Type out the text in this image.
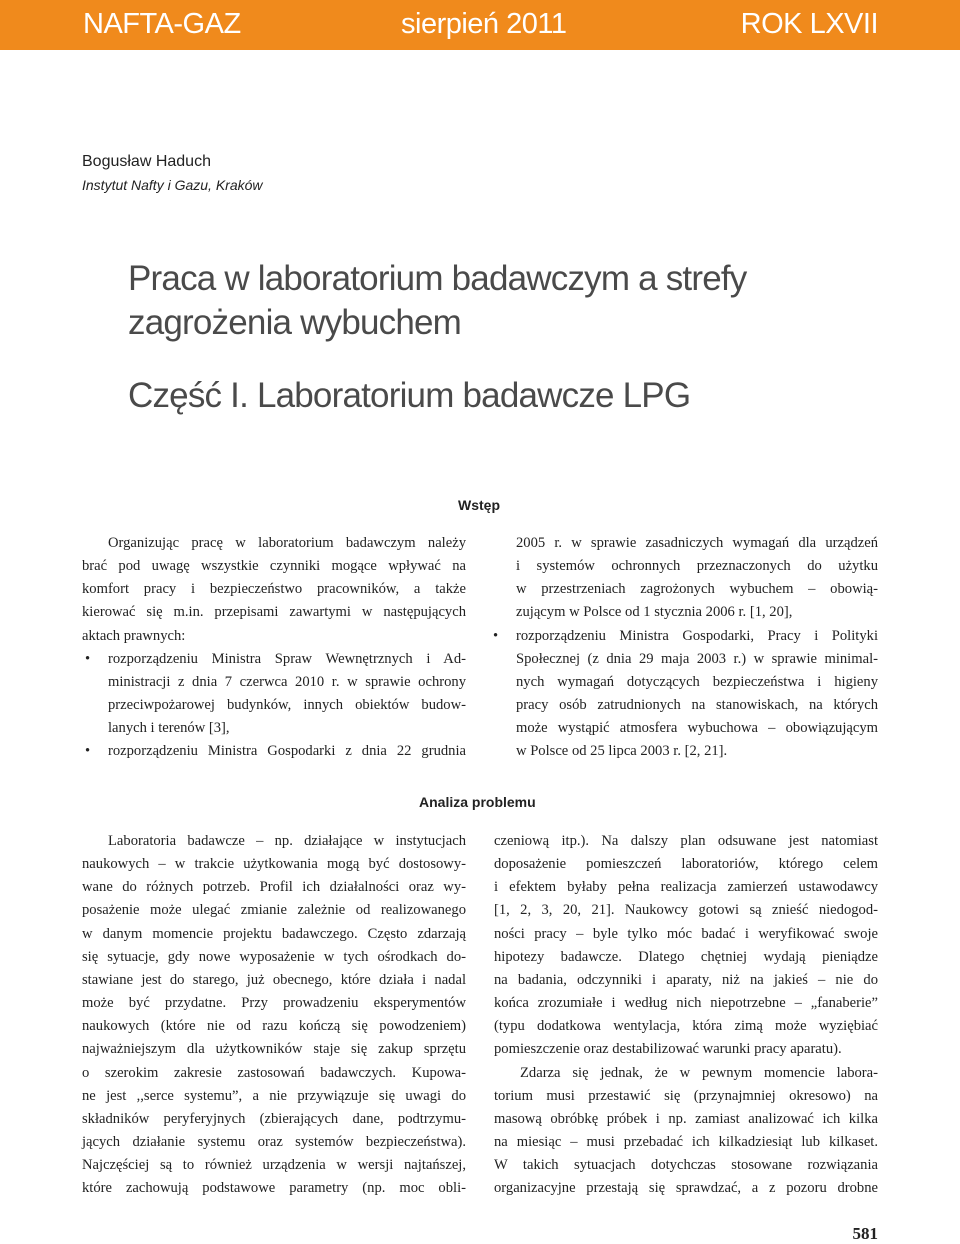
NAFTA-GAZ	sierpień 2011	ROK LXVII
Bogusław Haduch
Instytut Nafty i Gazu, Kraków
Praca w laboratorium badawczym a strefy
zagrożenia wybuchem
Część I. Laboratorium badawcze LPG
Wstęp
Organizując pracę w laboratorium badawczym należy
brać pod uwagę wszystkie czynniki mogące wpływać na
komfort pracy i bezpieczeństwo pracowników, a także
kierować się m.in. przepisami zawartymi w następujących
aktach prawnych:
• rozporządzeniu Ministra Spraw Wewnętrznych i Ad-
ministracji z dnia 7 czerwca 2010 r. w sprawie ochrony
przeciwpożarowej budynków, innych obiektów budow-
lanych i terenów [3],
• rozporządzeniu Ministra Gospodarki z dnia 22 grudnia
2005 r. w sprawie zasadniczych wymagań dla urządzeń
i systemów ochronnych przeznaczonych do użytku
w przestrzeniach zagrożonych wybuchem – obowią-
zującym w Polsce od 1 stycznia 2006 r. [1, 20],
• rozporządzeniu Ministra Gospodarki, Pracy i Polityki
Społecznej (z dnia 29 maja 2003 r.) w sprawie minimal-
nych wymagań dotyczących bezpieczeństwa i higieny
pracy osób zatrudnionych na stanowiskach, na których
może wystąpić atmosfera wybuchowa – obowiązującym
w Polsce od 25 lipca 2003 r. [2, 21].
Analiza problemu
Laboratoria badawcze – np. działające w instytucjach
naukowych – w trakcie użytkowania mogą być dostosowy-
wane do różnych potrzeb. Profil ich działalności oraz wy-
posażenie może ulegać zmianie zależnie od realizowanego
w danym momencie projektu badawczego. Często zdarzają
się sytuacje, gdy nowe wyposażenie w tych ośrodkach do-
stawiane jest do starego, już obecnego, które działa i nadal
może być przydatne. Przy prowadzeniu eksperymentów
naukowych (które nie od razu kończą się powodzeniem)
najważniejszym dla użytkowników staje się zakup sprzętu
o szerokim zakresie zastosowań badawczych. Kupowa-
ne jest ,,serce systemu”, a nie przywiązuje się uwagi do
składników peryferyjnych (zbierających dane, podtrzymu-
jących działanie systemu oraz systemów bezpieczeństwa).
Najczęściej są to również urządzenia w wersji najtańszej,
które zachowują podstawowe parametry (np. moc obli-
czeniową itp.). Na dalszy plan odsuwane jest natomiast
doposażenie pomieszczeń laboratoriów, którego celem
i efektem byłaby pełna realizacja zamierzeń ustawodawcy
[1, 2, 3, 20, 21]. Naukowcy gotowi są znieść niedogod-
ności pracy – byle tylko móc badać i weryfikować swoje
hipotezy badawcze. Dlatego chętniej wydają pieniądze
na badania, odczynniki i aparaty, niż na jakieś – nie do
końca zrozumiałe i według nich niepotrzebne – „fanaberie”
(typu dodatkowa wentylacja, która zimą może wyziębiać
pomieszczenie oraz destabilizować warunki pracy aparatu).
Zdarza się jednak, że w pewnym momencie labora-
torium musi przestawić się (przynajmniej okresowo) na
masową obróbkę próbek i np. zamiast analizować ich kilka
na miesiąc – musi przebadać ich kilkadziesiąt lub kilkaset.
W takich sytuacjach dotychczas stosowane rozwiązania
organizacyjne przestają się sprawdzać, a z pozoru drobne
581
